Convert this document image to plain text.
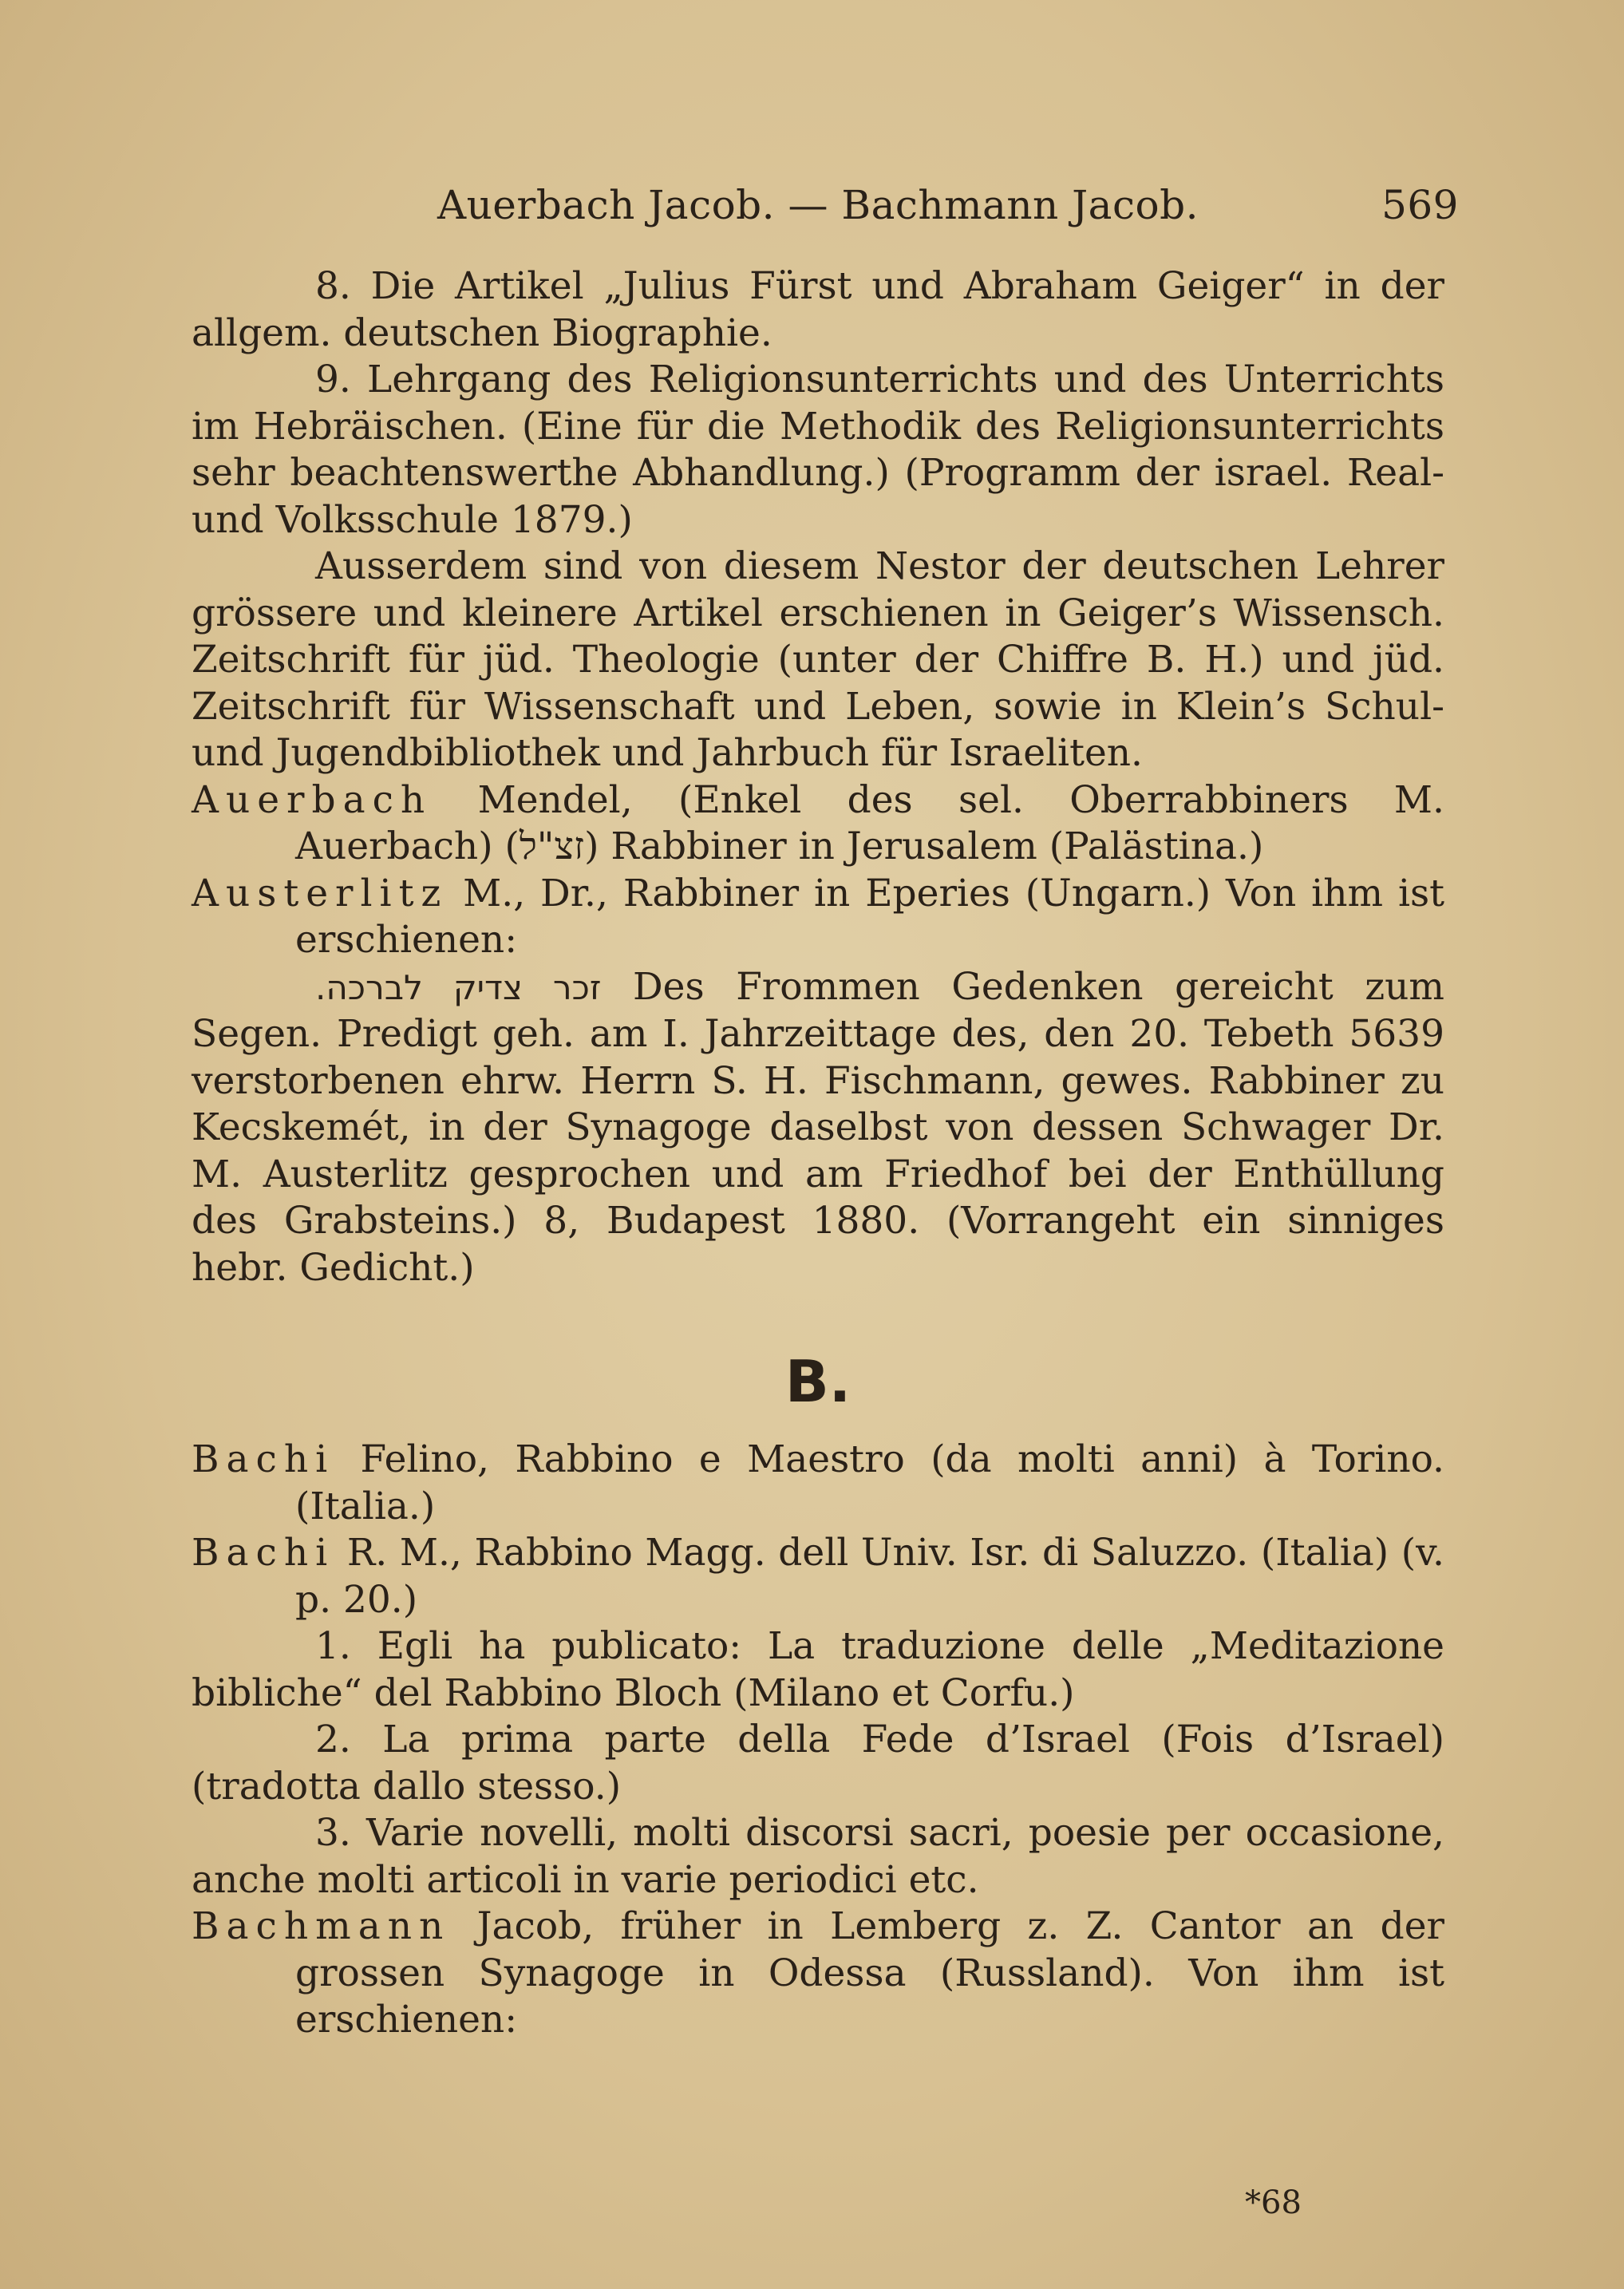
Auerbach Jacob. — Bachmann Jacob.	569

8. Die Artikel „Julius Fürst und Abraham Geiger“ in der allgem. deutschen Biographie.

9. Lehrgang des Religionsunterrichts und des Unterrichts im Hebräischen. (Eine für die Methodik des Religionsunterrichts sehr beachtenswerthe Abhandlung.) (Programm der israel. Real- und Volksschule 1879.)

Ausserdem sind von diesem Nestor der deutschen Lehrer grössere und kleinere Artikel erschienen in Geiger’s Wissensch. Zeitschrift für jüd. Theologie (unter der Chiffre B. H.) und jüd. Zeitschrift für Wissenschaft und Leben, sowie in Klein’s Schul- und Jugendbibliothek und Jahrbuch für Israeliten.

Auerbach Mendel, (Enkel des sel. Oberrabbiners M. Auerbach) (זצ"ל) Rabbiner in Jerusalem (Palästina.)

Austerlitz M., Dr., Rabbiner in Eperies (Ungarn.) Von ihm ist erschienen:

זכר צדיק לברכה. Des Frommen Gedenken gereicht zum Segen. Predigt geh. am I. Jahrzeittage des, den 20. Tebeth 5639 verstorbenen ehrw. Herrn S. H. Fischmann, gewes. Rabbiner zu Kecskemét, in der Synagoge daselbst von dessen Schwager Dr. M. Austerlitz gesprochen und am Friedhof bei der Enthüllung des Grabsteins.) 8, Budapest 1880. (Vorrangeht ein sinniges hebr. Gedicht.)

B.

Bachi Felino, Rabbino e Maestro (da molti anni) à Torino. (Italia.)

Bachi R. M., Rabbino Magg. dell Univ. Isr. di Saluzzo. (Italia) (v. p. 20.)

1. Egli ha publicato: La traduzione delle „Meditazione bibliche“ del Rabbino Bloch (Milano et Corfu.)

2. La prima parte della Fede d’Israel (Fois d’Israel) (tradotta dallo stesso.)

3. Varie novelli, molti discorsi sacri, poesie per occasione, anche molti articoli in varie periodici etc.

Bachmann Jacob, früher in Lemberg z. Z. Cantor an der grossen Synagoge in Odessa (Russland). Von ihm ist erschienen:

*68
